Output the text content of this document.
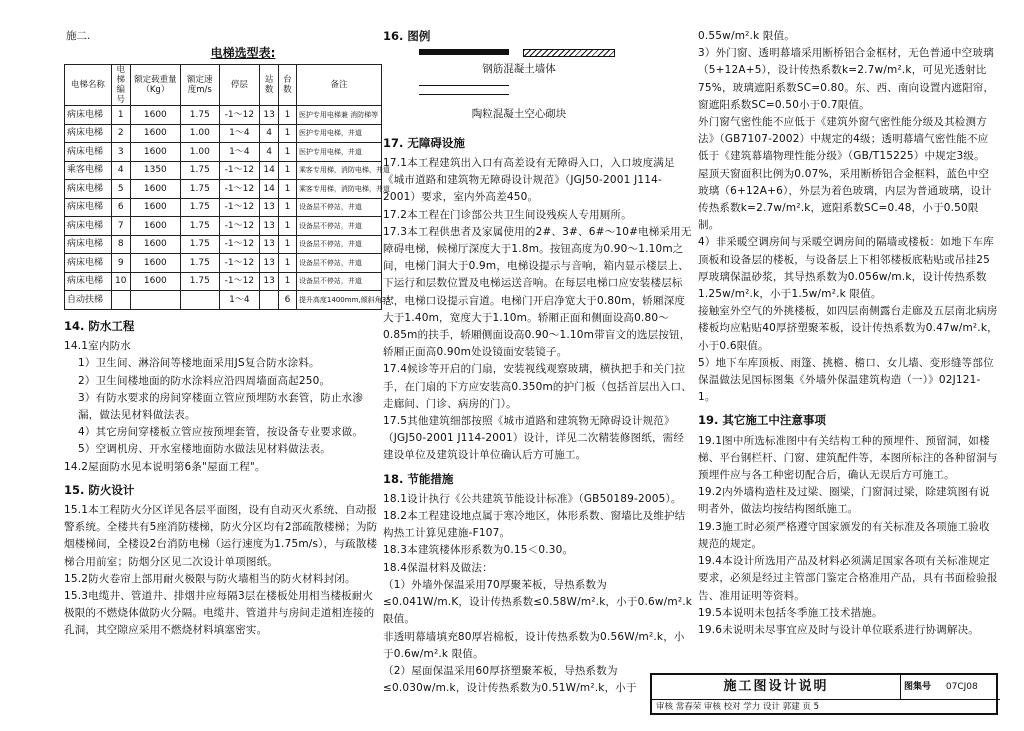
施二.
电梯选型表:
电梯名称	电梯编号	额定载重量（Kg）	额定速度m/s	停层	站数	台数	备注
病床电梯	1	1600	1.75	-1～12	13	1	医护专用电梯兼 消防梯等
病床电梯	2	1600	1.00	1～4	4	1	医护专用电梯，井道
病床电梯	3	1600	1.00	1～4	4	1	医护专用电梯，井道
乘客电梯	4	1350	1.75	-1～12	14	1	乘客专用梯，消防电梯，井道
病床电梯	5	1600	1.75	-1～12	14	1	乘客专用梯，消防电梯，井道
病床电梯	6	1600	1.75	-1～12	13	1	设备层不停站，井道
病床电梯	7	1600	1.75	-1～12	13	1	设备层不停站，井道
病床电梯	8	1600	1.75	-1～12	13	1	设备层不停站，井道
病床电梯	9	1600	1.75	-1～12	13	1	设备层不停站，井道
病床电梯	10	1600	1.75	-1～12	13	1	设备层不停站，井道
自动扶梯				1～4		6	提升高度1400mm,倾斜角35°
14. 防水工程
14.1室内防水
1）卫生间、淋浴间等楼地面采用JS复合防水涂料。
2）卫生间楼地面的防水涂料应沿四周墙面高起250。
3）有防水要求的房间穿楼面立管应预埋防水套管，防止水渗漏，做法见材料做法表。
4）其它房间穿楼板立管应按预埋套管，按设备专业要求做。
5）空调机房、开水室楼地面防水做法见材料做法表。
14.2屋面防水见本说明第6条"屋面工程"。
15. 防火设计
15.1本工程防火分区详见各层平面图，设有自动灭火系统、自动报警系统。全楼共有5座消防楼梯，防火分区均有2部疏散楼梯；为防烟楼梯间，全楼设2台消防电梯（运行速度为1.75m/s），与疏散楼梯合用前室；防烟分区见二次设计单项图纸。
15.2防火卷帘上部用耐火极限与防火墙相当的防火材料封闭。
15.3电缆井、管道井、排烟井应每隔3层在楼板处用相当楼板耐火极限的不燃烧体做防火分隔。电缆井、管道井与房间走道相连接的孔洞，其空隙应采用不燃烧材料填塞密实。
16. 图例
钢筋混凝土墙体
陶粒混凝土空心砌块
17. 无障碍设施
17.1本工程建筑出入口有高差设有无障碍入口，入口坡度满足《城市道路和建筑物无障碍设计规范》（JGJ50-2001 J114-2001）要求，室内外高差450。
17.2本工程在门诊部公共卫生间设残疾人专用厕所。
17.3本工程供患者及家属使用的2#、3#、6#～10#电梯采用无障碍电梯，候梯厅深度大于1.8m。按钮高度为0.90～1.10m之间，电梯门洞大于0.9m，电梯设提示与音响，箱内显示楼层上、下运行和层数位置及电梯运送音响。在每层电梯口应安装楼层标志，电梯口设提示盲道。电梯门开启净宽大于0.80m，轿厢深度大于1.40m，宽度大于1.10m。轿厢正面和侧面设高0.80～0.85m的扶手，轿厢侧面设高0.90～1.10m带盲文的选层按钮，轿厢正面高0.90m处设镜面安装镜子。
17.4候诊等开启的门扇，安装视线观察玻璃，横执把手和关门拉手，在门扇的下方应安装高0.350m的护门板（包括首层出入口、走廊间、门诊、病房的门）。
17.5其他建筑细部按照《城市道路和建筑物无障碍设计规范》（JGJ50-2001 J114-2001）设计，详见二次精装修图纸，需经建设单位及建筑设计单位确认后方可施工。
18. 节能措施
18.1设计执行《公共建筑节能设计标准》（GB50189-2005）。
18.2本工程建设地点属于寒冷地区，体形系数、窗墙比及维护结构热工计算见建施-F107。
18.3本建筑楼体形系数为0.15＜0.30。
18.4保温材料及做法：
（1）外墙外保温采用70厚聚苯板，导热系数为≤0.041W/m.K，设计传热系数≤0.58W/m².k，小于0.6w/m².k 限值。
非透明幕墙填充80厚岩棉板，设计传热系数为0.56W/m².k，小于0.6w/m².k 限值。
（2）屋面保温采用60厚挤塑聚苯板，导热系数为≤0.030w/m.k，设计传热系数为0.51W/m².k，小于
0.55w/m².k 限值。
3）外门窗、透明幕墙采用断桥铝合金框材，无色普通中空玻璃（5+12A+5），设计传热系数k=2.7w/m².k，可见光透射比75%，玻璃遮阳系数SC=0.80。东、西、南向设置内遮阳帘，窗遮阳系数SC=0.50小于0.7限值。
外门窗气密性能不应低于《建筑外窗气密性能分级及其检测方法》（GB7107-2002）中规定的4级；透明幕墙气密性能不应低于《建筑幕墙物理性能分级》（GB/T15225）中规定3级。
屋顶天窗面积比例为0.07%，采用断桥铝合金框料，蓝色中空玻璃（6+12A+6），外层为着色玻璃，内层为普通玻璃，设计传热系数k=2.7w/m².k，遮阳系数SC=0.48，小于0.50限制。
4）非采暖空调房间与采暖空调房间的隔墙或楼板：如地下车库顶板和设备层的楼板，与设备层上下相邻楼板底粘贴或吊挂25厚玻璃保温砂浆，其导热系数为0.056w/m.k，设计传热系数1.25w/m².k，小于1.5w/m².k 限值。
接触室外空气的外挑楼板，如四层南侧露台走廊及五层南北病房楼板均应粘贴40厚挤塑聚苯板，设计传热系数为0.47w/m².k，小于0.6限值。
5）地下车库顶板、雨篷、挑檐、檐口、女儿墙、变形缝等部位保温做法见国标图集《外墙外保温建筑构造（一）》02J121-1。
19. 其它施工中注意事项
19.1图中所选标准图中有关结构工种的预埋件、预留洞，如楼梯、平台钢栏杆、门窗、建筑配件等，本图所标注的各种留洞与预埋件应与各工种密切配合后，确认无误后方可施工。
19.2内外墙构造柱及过梁、圈梁，门窗洞过梁，除建筑图有说明者外，做法均按结构图纸施工。
19.3施工时必须严格遵守国家颁发的有关标准及各项施工验收规范的规定。
19.4本设计所选用产品及材料必须满足国家各项有关标准规定要求，必须是经过主管部门鉴定合格准用产品，具有书面检验报告、准用证明等资料。
19.5本说明未包括冬季施工技术措施。
19.6未说明未尽事宜应及时与设计单位联系进行协调解决。
施工图设计说明	图集号 07CJ08
审核 常春荣 审核 校对 学力 设计 郭建 页 5
